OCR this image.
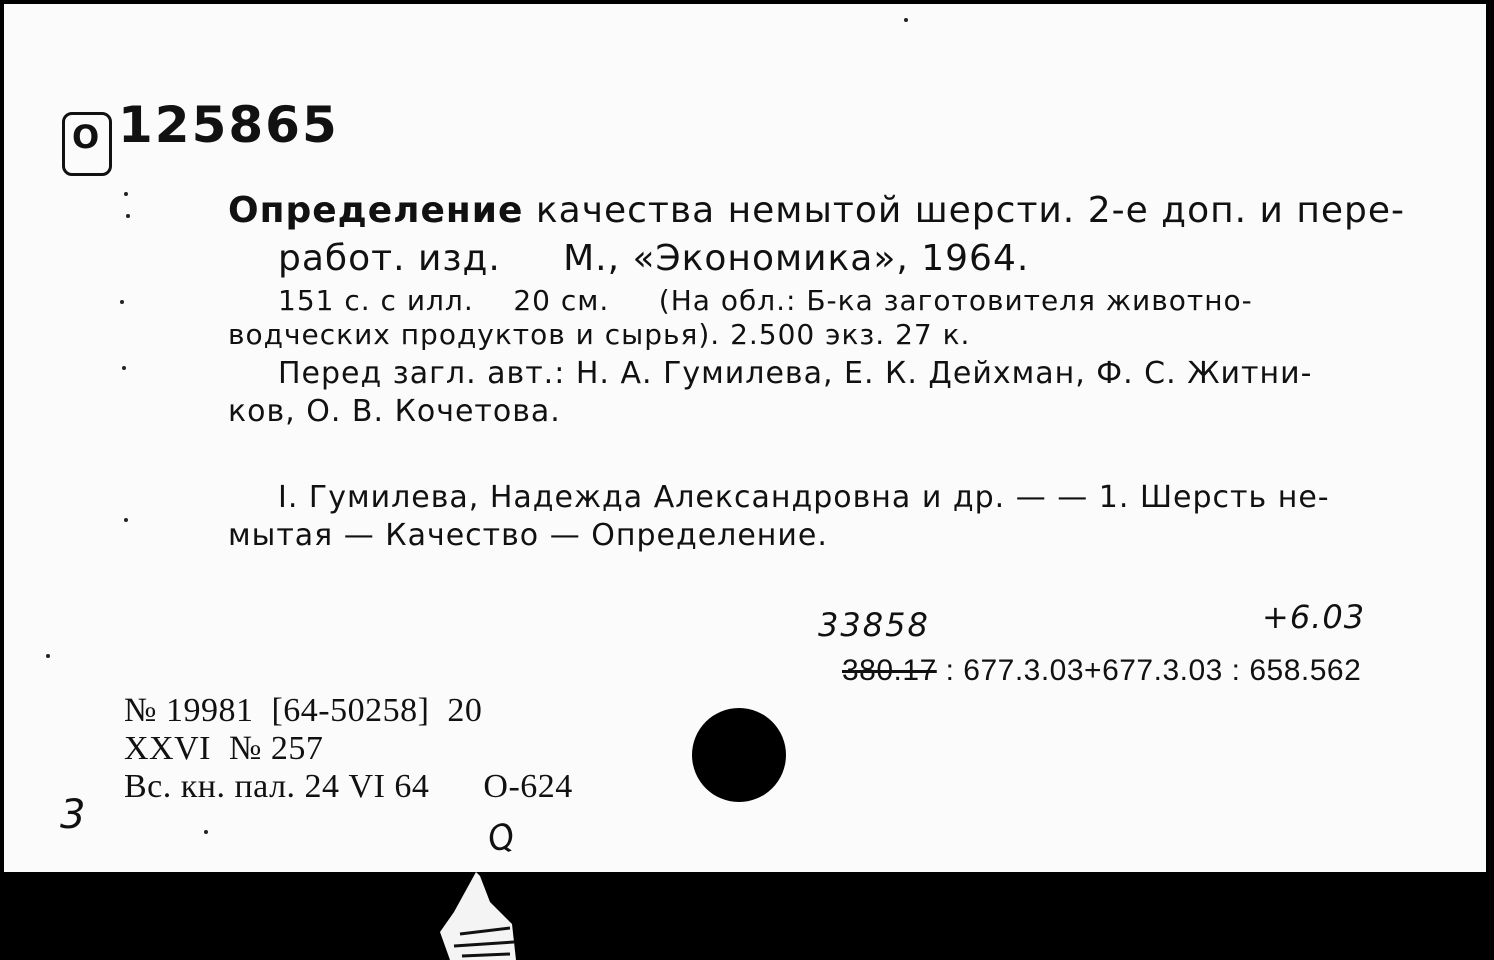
О 125865
Определение качества немытой шерсти. 2-е доп. и пере-
работ. изд.     М., «Экономика», 1964.
151 с. с илл.    20 см.     (На обл.: Б-ка заготовителя животно-
водческих продуктов и сырья). 2.500 экз. 27 к.
Перед загл. авт.: Н. А. Гумилева, Е. К. Дейхман, Ф. С. Житни-
ков, О. В. Кочетова.
I. Гумилева, Надежда Александровна и др. — — 1. Шерсть не-
мытая — Качество — Определение.
33858	+6.03
380.17 : 677.3.03+677.3.03 : 658.562
№ 19981  [64-50258]  20
XXVI  № 257
Вс. кн. пал. 24 VI 64      О-624
3	Q
